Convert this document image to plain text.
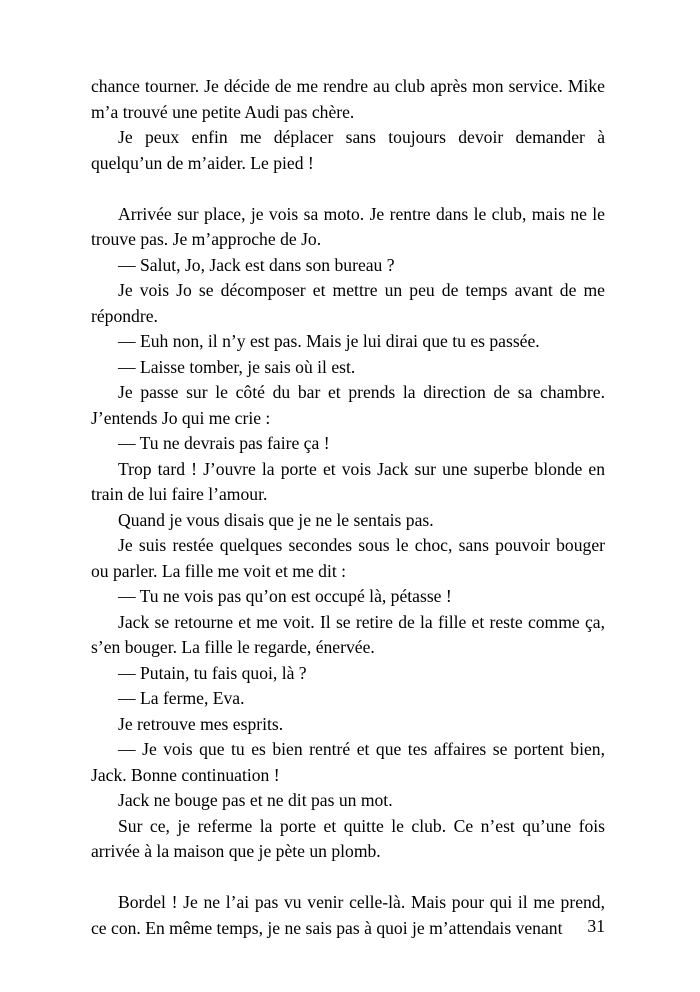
chance tourner. Je décide de me rendre au club après mon service. Mike m’a trouvé une petite Audi pas chère.

Je peux enfin me déplacer sans toujours devoir demander à quelqu’un de m’aider. Le pied !

Arrivée sur place, je vois sa moto. Je rentre dans le club, mais ne le trouve pas. Je m’approche de Jo.

— Salut, Jo, Jack est dans son bureau ?

Je vois Jo se décomposer et mettre un peu de temps avant de me répondre.

— Euh non, il n’y est pas. Mais je lui dirai que tu es passée.

— Laisse tomber, je sais où il est.

Je passe sur le côté du bar et prends la direction de sa chambre. J’entends Jo qui me crie :

— Tu ne devrais pas faire ça !

Trop tard ! J’ouvre la porte et vois Jack sur une superbe blonde en train de lui faire l’amour.

Quand je vous disais que je ne le sentais pas.

Je suis restée quelques secondes sous le choc, sans pouvoir bouger ou parler. La fille me voit et me dit :

— Tu ne vois pas qu’on est occupé là, pétasse !

Jack se retourne et me voit. Il se retire de la fille et reste comme ça, s’en bouger. La fille le regarde, énervée.

— Putain, tu fais quoi, là ?

— La ferme, Eva.

Je retrouve mes esprits.

— Je vois que tu es bien rentré et que tes affaires se portent bien, Jack. Bonne continuation !

Jack ne bouge pas et ne dit pas un mot.

Sur ce, je referme la porte et quitte le club. Ce n’est qu’une fois arrivée à la maison que je pète un plomb.

Bordel ! Je ne l’ai pas vu venir celle-là. Mais pour qui il me prend, ce con. En même temps, je ne sais pas à quoi je m’attendais venant	31
